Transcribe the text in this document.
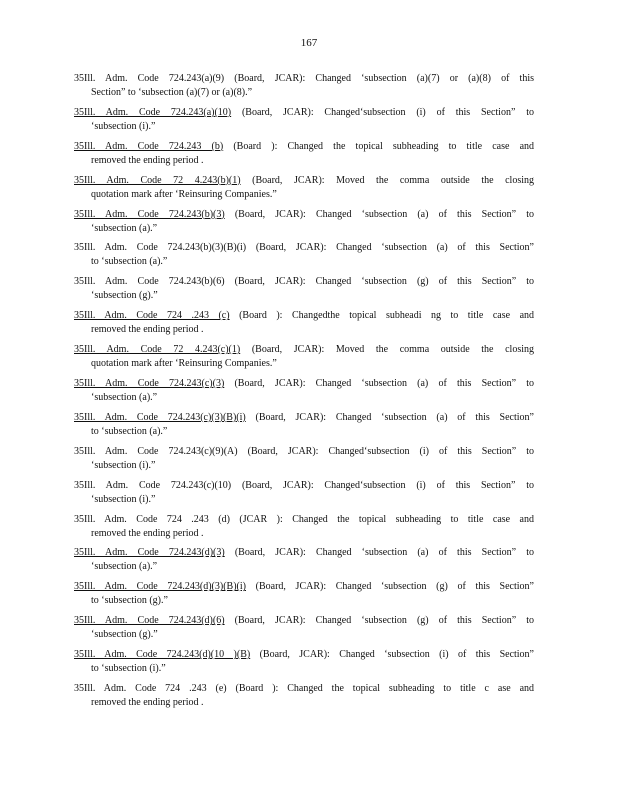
167
35Ill. Adm. Code 724.243(a)(9) (Board, JCAR): Changed ‘subsection (a)(7) or (a)(8) of this
Section” to ‘subsection (a)(7) or (a)(8).”
35Ill. Adm. Code 724.243(a)(10) (Board, JCAR): Changed‘subsection (i) of this Section” to
‘subsection (i).”
35Ill. Adm. Code 724.243 (b) (Board ): Changed the topical subheading to title case and
removed the ending period .
35Ill. Adm. Code 72 4.243(b)(1) (Board, JCAR): Moved the comma outside the closing
quotation mark after ‘Reinsuring Companies.”
35Ill. Adm. Code 724.243(b)(3) (Board, JCAR): Changed ‘subsection (a) of this Section” to
‘subsection (a).”
35Ill. Adm. Code 724.243(b)(3)(B)(i) (Board, JCAR): Changed ‘subsection (a) of this Section”
to ‘subsection (a).”
35Ill. Adm. Code 724.243(b)(6) (Board, JCAR): Changed ‘subsection (g) of this Section” to
‘subsection (g).”
35Ill. Adm. Code 724 .243 (c) (Board ): Changedthe topical subheadi ng to title case and
removed the ending period .
35Ill. Adm. Code 72 4.243(c)(1) (Board, JCAR): Moved the comma outside the closing
quotation mark after ‘Reinsuring Companies.”
35Ill. Adm. Code 724.243(c)(3) (Board, JCAR): Changed ‘subsection (a) of this Section” to
‘subsection (a).”
35Ill. Adm. Code 724.243(c)(3)(B)(i) (Board, JCAR): Changed ‘subsection (a) of this Section”
to ‘subsection (a).”
35Ill. Adm. Code 724.243(c)(9)(A) (Board, JCAR): Changed‘subsection (i) of this Section” to
‘subsection (i).”
35Ill. Adm. Code 724.243(c)(10) (Board, JCAR): Changed‘subsection (i) of this Section” to
‘subsection (i).”
35Ill. Adm. Code 724 .243 (d) (JCAR ): Changed the topical subheading to title case and
removed the ending period .
35Ill. Adm. Code 724.243(d)(3) (Board, JCAR): Changed ‘subsection (a) of this Section” to
‘subsection (a).”
35Ill. Adm. Code 724.243(d)(3)(B)(i) (Board, JCAR): Changed ‘subsection (g) of this Section”
to ‘subsection (g).”
35Ill. Adm. Code 724.243(d)(6) (Board, JCAR): Changed ‘subsection (g) of this Section” to
‘subsection (g).”
35Ill. Adm. Code 724.243(d)(10 )(B) (Board, JCAR): Changed ‘subsection (i) of this Section”
to ‘subsection (i).”
35Ill. Adm. Code 724 .243 (e) (Board ): Changed the topical subheading to title c ase and
removed the ending period .
